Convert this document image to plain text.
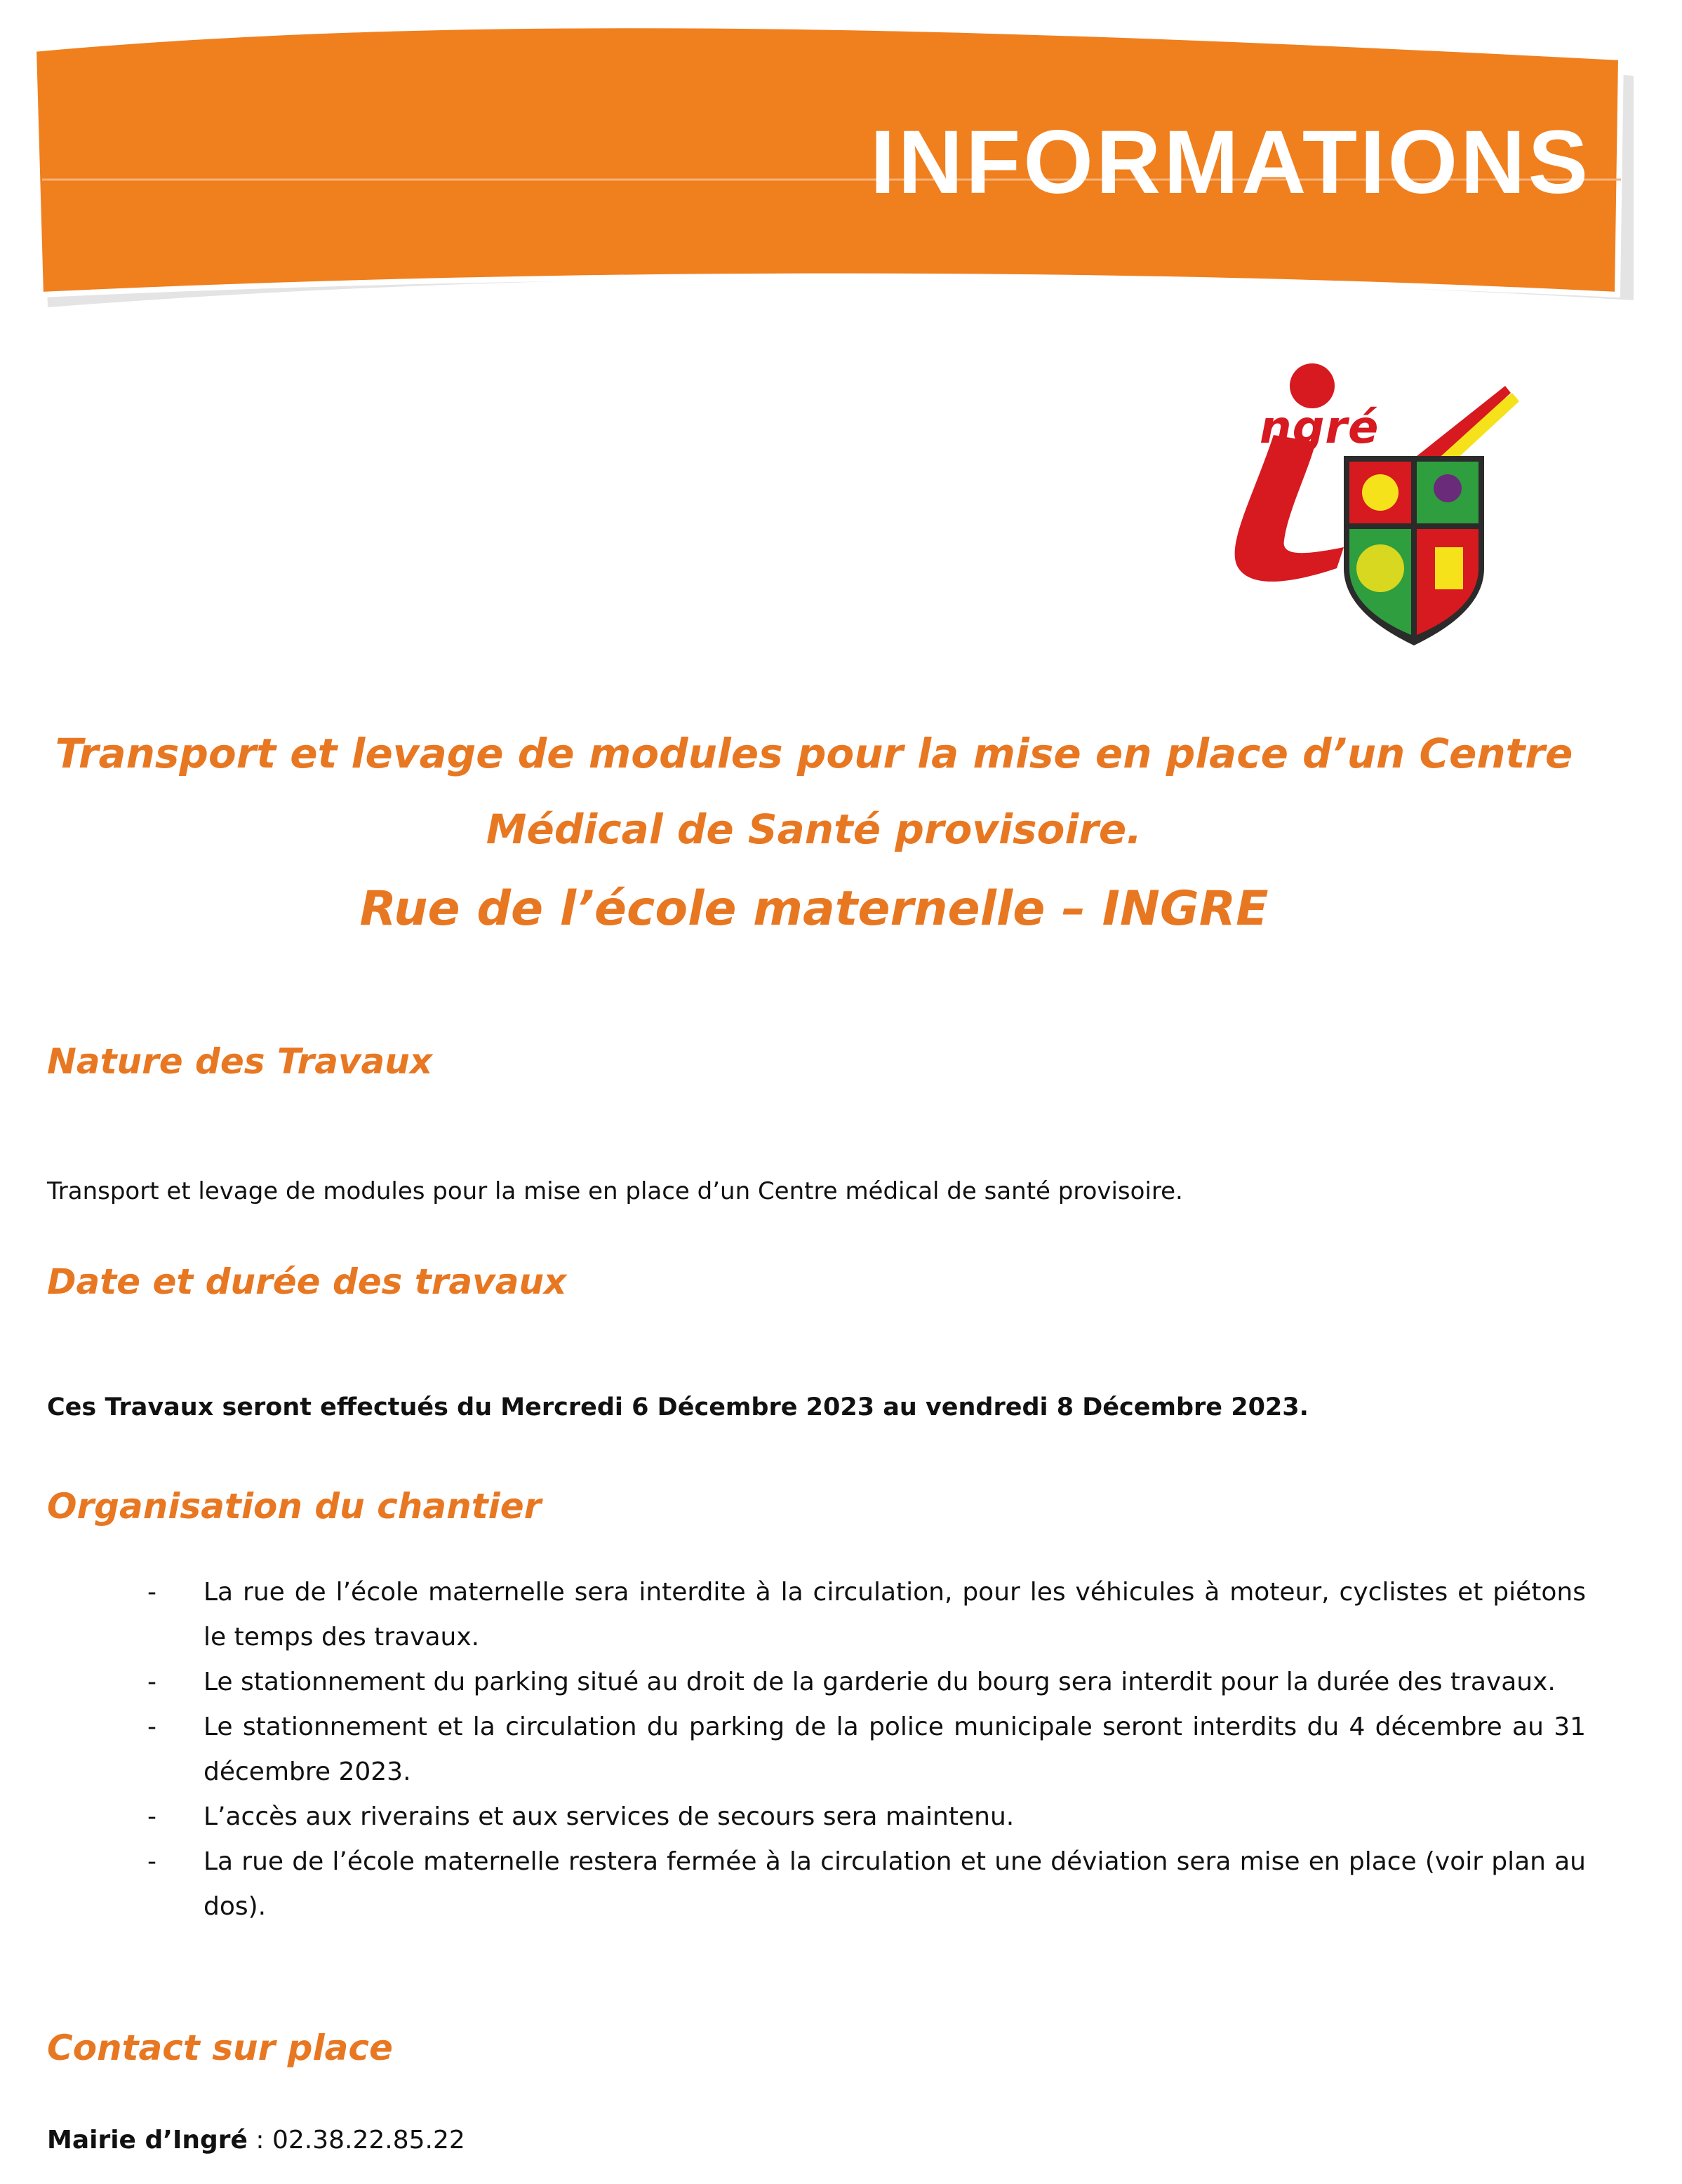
INFORMATIONS
ngré
Transport et levage de modules pour la mise en place d’un Centre
Médical de Santé provisoire.
Rue de l’école maternelle – INGRE
Nature des Travaux

Transport et levage de modules pour la mise en place d’un Centre médical de santé provisoire.

Date et durée des travaux

Ces Travaux seront effectués du Mercredi 6 Décembre 2023 au vendredi 8 Décembre 2023.

Organisation du chantier
- La rue de l’école maternelle sera interdite à la circulation, pour les véhicules à moteur, cyclistes et piétons le temps des travaux.
- Le stationnement du parking situé au droit de la garderie du bourg sera interdit pour la durée des travaux.
- Le stationnement et la circulation du parking de la police municipale seront interdits du 4 décembre au 31 décembre 2023.
- L’accès aux riverains et aux services de secours sera maintenu.
- La rue de l’école maternelle restera fermée à la circulation et une déviation sera mise en place (voir plan au dos).
Contact sur place

Mairie d’Ingré : 02.38.22.85.22
